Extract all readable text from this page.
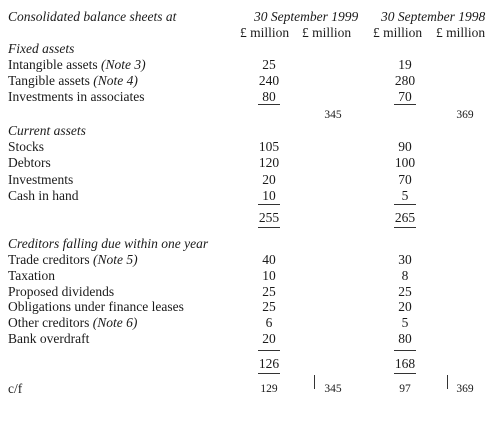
Consolidated balance sheets at	30 September 1999 30 September 1998
£ million £ million £ million £ million
Fixed assets
Intangible assets (Note 3)	25	19
Tangible assets (Note 4)	240	280
Investments in associates	80	70
345	369
Current assets
Stocks	105	90
Debtors	120	100
Investments	20	70
Cash in hand	10	5
255	265
Creditors falling due within one year
Trade creditors (Note 5)	40	30
Taxation	10	8
Proposed dividends	25	25
Obligations under finance leases	25	20
Other creditors (Note 6)	6	5
Bank overdraft	20	80
126	168
c/f	129	345	97	369
